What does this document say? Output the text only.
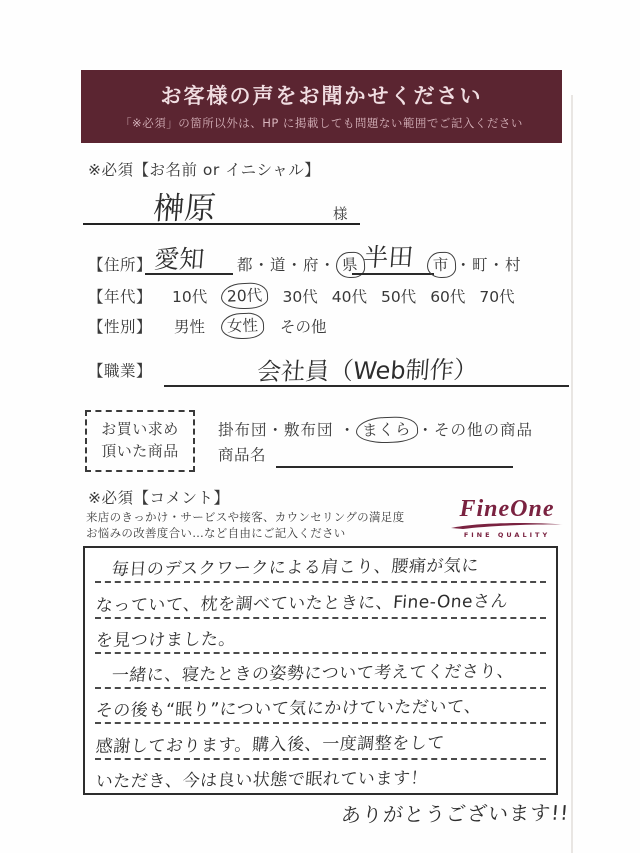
お客様の声をお聞かせください
「※必須」の箇所以外は、HP に掲載しても問題ない範囲でご記入ください
※必須【お名前 or イニシャル】
榊原	様
【住所】 愛知 都・道・府・ 県 半田	市 ・町・村
【年代】 10代	20代	30代 40代 50代 60代 70代
【性別】 男性	女性	その他
【職業】	会社員（Web制作）
お買い求め
頂いた商品
掛布団・敷布団 ・ まくら ・その他の商品
商品名
※必須【コメント】
来店のきっかけ・サービスや接客、カウンセリングの満足度
お悩みの改善度合い…など自由にご記入ください
FineOne
FINE QUALITY
毎日のデスクワークによる肩こり、腰痛が気に
なっていて、枕を調べていたときに、Fine-Oneさん
を見つけました。
一緒に、寝たときの姿勢について考えてくださり、
その後も“眠り”について気にかけていただいて、
感謝しております。購入後、一度調整をして
いただき、今は良い状態で眠れています！
ありがとうございます!!
